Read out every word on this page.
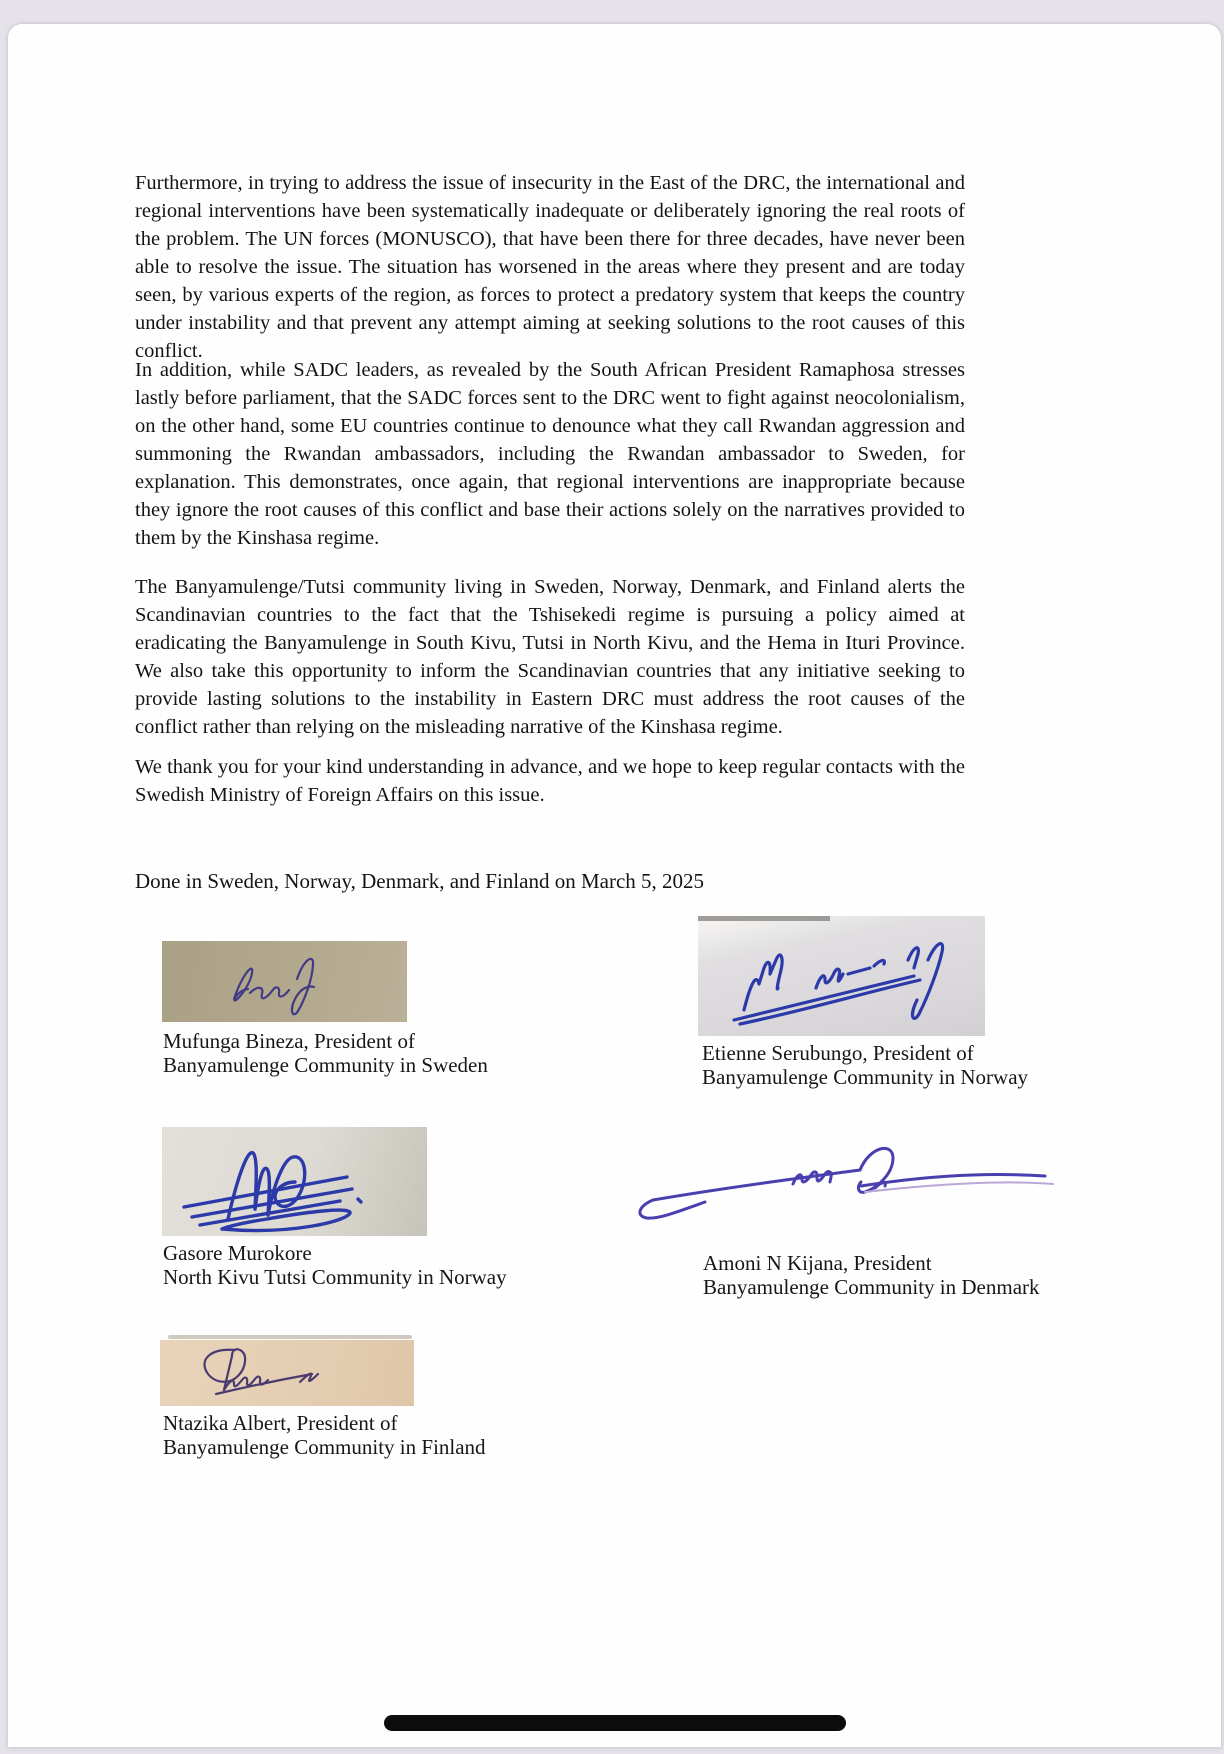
Furthermore, in trying to address the issue of insecurity in the East of the DRC, the international and regional interventions have been systematically inadequate or deliberately ignoring the real roots of the problem. The UN forces (MONUSCO), that have been there for three decades, have never been able to resolve the issue. The situation has worsened in the areas where they present and are today seen, by various experts of the region, as forces to protect a predatory system that keeps the country under instability and that prevent any attempt aiming at seeking solutions to the root causes of this conflict.

In addition, while SADC leaders, as revealed by the South African President Ramaphosa stresses lastly before parliament, that the SADC forces sent to the DRC went to fight against neocolonialism, on the other hand, some EU countries continue to denounce what they call Rwandan aggression and summoning the Rwandan ambassadors, including the Rwandan ambassador to Sweden, for explanation. This demonstrates, once again, that regional interventions are inappropriate because they ignore the root causes of this conflict and base their actions solely on the narratives provided to them by the Kinshasa regime.

The Banyamulenge/Tutsi community living in Sweden, Norway, Denmark, and Finland alerts the Scandinavian countries to the fact that the Tshisekedi regime is pursuing a policy aimed at eradicating the Banyamulenge in South Kivu, Tutsi in North Kivu, and the Hema in Ituri Province. We also take this opportunity to inform the Scandinavian countries that any initiative seeking to provide lasting solutions to the instability in Eastern DRC must address the root causes of the conflict rather than relying on the misleading narrative of the Kinshasa regime.

We thank you for your kind understanding in advance, and we hope to keep regular contacts with the Swedish Ministry of Foreign Affairs on this issue.

Done in Sweden, Norway, Denmark, and Finland on March 5, 2025
Mufunga Bineza, President of
Banyamulenge Community in Sweden	Etienne Serubungo, President of
Banyamulenge Community in Norway
Gasore Murokore
North Kivu Tutsi Community in Norway
Amoni N Kijana, President
Banyamulenge Community in Denmark
Ntazika Albert, President of
Banyamulenge Community in Finland
